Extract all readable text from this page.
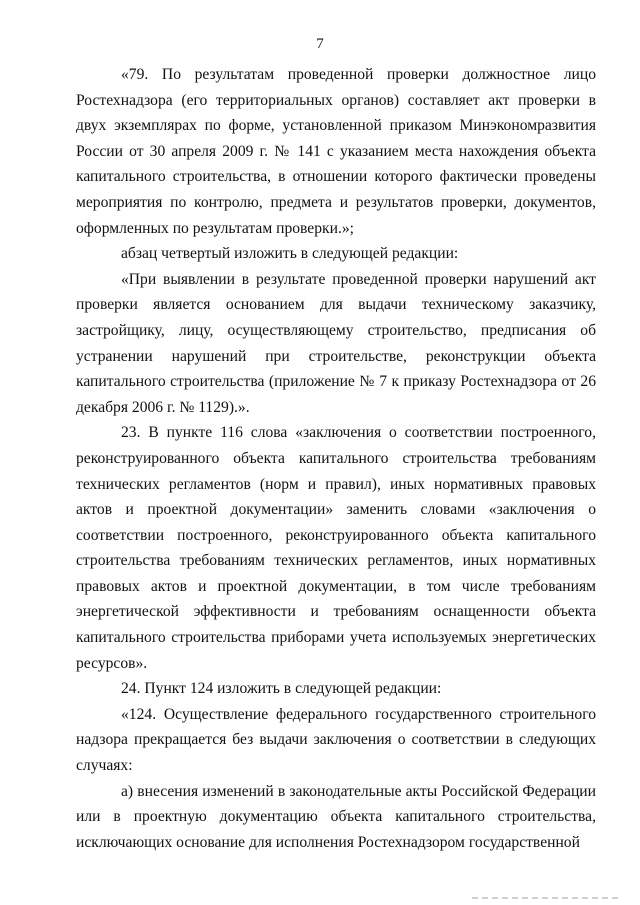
7

«79. По результатам проведенной проверки должностное лицо Ростехнадзора (его территориальных органов) составляет акт проверки в двух экземплярах по форме, установленной приказом Минэкономразвития России от 30 апреля 2009 г. № 141 с указанием места нахождения объекта капитального строительства, в отношении которого фактически проведены мероприятия по контролю, предмета и результатов проверки, документов, оформленных по результатам проверки.»;

абзац четвертый изложить в следующей редакции:

«При выявлении в результате проведенной проверки нарушений акт проверки является основанием для выдачи техническому заказчику, застройщику, лицу, осуществляющему строительство, предписания об устранении нарушений при строительстве, реконструкции объекта капитального строительства (приложение № 7 к приказу Ростехнадзора от 26 декабря 2006 г. № 1129).».

23. В пункте 116 слова «заключения о соответствии построенного, реконструированного объекта капитального строительства требованиям технических регламентов (норм и правил), иных нормативных правовых актов и проектной документации» заменить словами «заключения о соответствии построенного, реконструированного объекта капитального строительства требованиям технических регламентов, иных нормативных правовых актов и проектной документации, в том числе требованиям энергетической эффективности и требованиям оснащенности объекта капитального строительства приборами учета используемых энергетических ресурсов».

24. Пункт 124 изложить в следующей редакции:

«124. Осуществление федерального государственного строительного надзора прекращается без выдачи заключения о соответствии в следующих случаях:

а) внесения изменений в законодательные акты Российской Федерации или в проектную документацию объекта капитального строительства, исключающих основание для исполнения Ростехнадзором государственной
